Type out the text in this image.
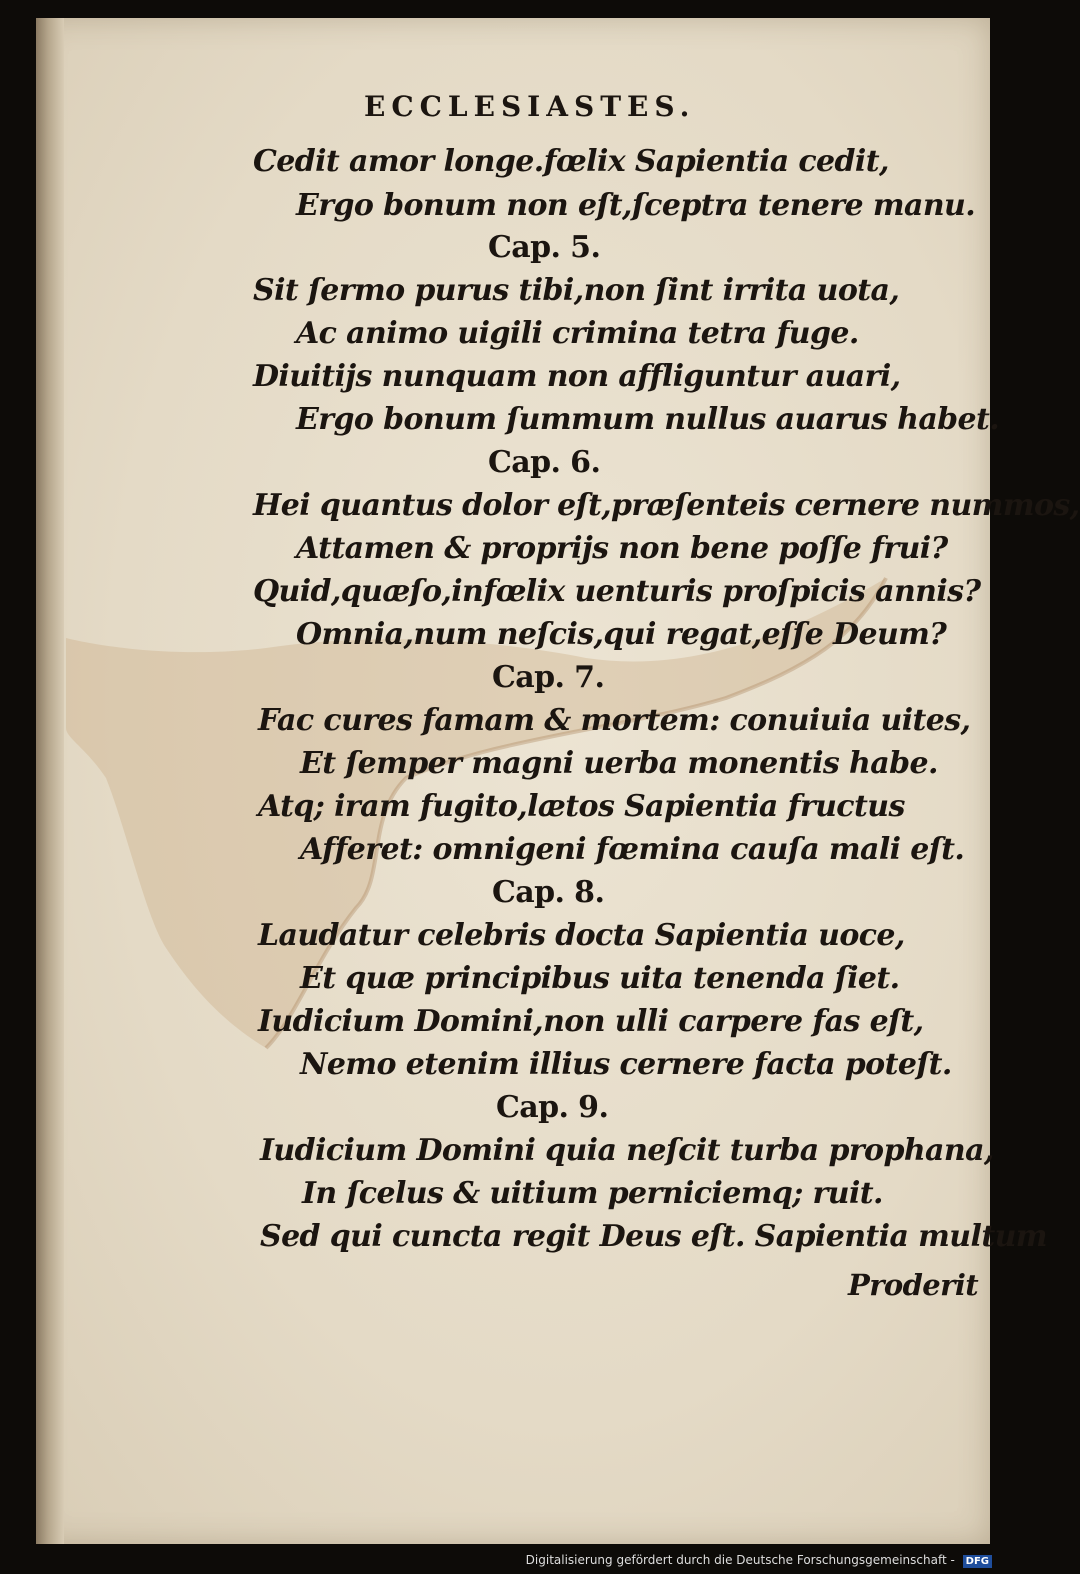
ECCLESIASTES.
Cedit amor longe.fœlix Sapientia cedit,
Ergo bonum non eſt,ſceptra tenere manu.
Cap. 5.
Sit ſermo purus tibi,non ſint irrita uota,
Ac animo uigili crimina tetra fuge.
Diuitijs nunquam non affliguntur auari,
Ergo bonum ſummum nullus auarus habet.
Cap. 6.
Hei quantus dolor eſt,præſenteis cernere nummos,
Attamen & proprijs non bene poſſe frui?
Quid,quæſo,infœlix uenturis proſpicis annis?
Omnia,num neſcis,qui regat,eſſe Deum?
Cap. 7.
Fac cures famam & mortem: conuiuia uites,
Et ſemper magni uerba monentis habe.
Atq; iram fugito,lætos Sapientia fructus
Afferet: omnigeni fœmina cauſa mali eſt.
Cap. 8.
Laudatur celebris docta Sapientia uoce,
Et quæ principibus uita tenenda ſiet.
Iudicium Domini,non ulli carpere fas eſt,
Nemo etenim illius cernere facta poteſt.
Cap. 9.
Iudicium Domini quia neſcit turba prophana,
In ſcelus & uitium perniciemq; ruit.
Sed qui cuncta regit Deus eſt. Sapientia multum
Proderit
Digitalisierung gefördert durch die Deutsche Forschungsgemeinschaft - DFG
